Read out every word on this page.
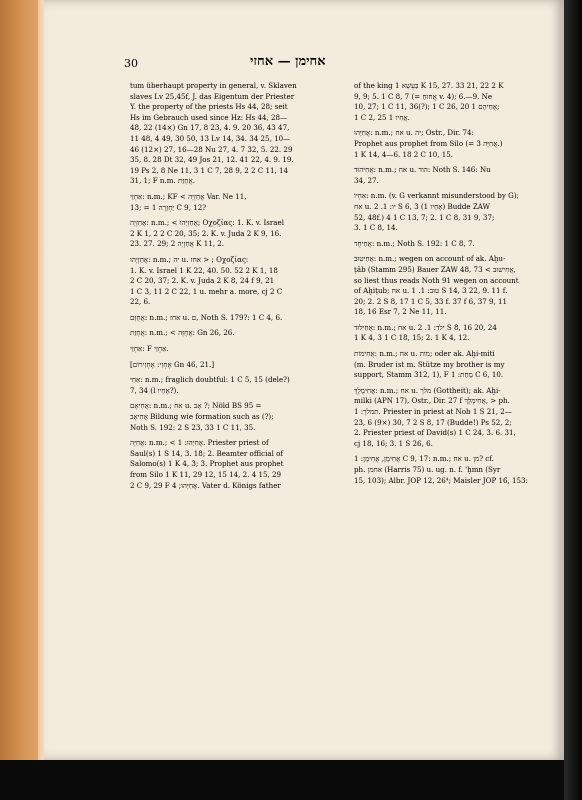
30	אחימן — אחזי
tum überhaupt property in general, v. Sklaven
slaves Lv 25,45f, J. das Eigentum der Priester
Y. the property of the priests Hs 44, 28; seit
Hs im Gebrauch used since Hz: Hs 44, 28—
48, 22 (14×) Gn 17, 8 23, 4. 9. 20 36, 43 47,
11 48, 4 49, 30 50, 13 Lv 14, 34. 34 25, 10—
46 (12×) 27, 16—28 Nu 27, 4. 7 32, 5. 22. 29
35, 8. 28 Dt 32, 49 Jos 21, 12. 41 22, 4. 9. 19.
19 Ps 2, 8 Ne 11, 3 1 C 7, 28 9, 2 2 C 11, 14
31, 1; F n.m. אֲחֻזַּת.
אַחְזַי: n.m.; KF < אֲחַזְיָה Var. Ne 11,
13; = יַחְזֵרָה 1 C 9, 12?
אֲחַזְיָה: n.m.; < אֲחַזְיָהוּ; Οχοζίας: 1. K. v. Israel
2 K 1, 2 2 C 20, 35; 2. K. v. Juda 2 K 9, 16.
23. 27. 29; אֲחַזְיָה 2 K 11, 2.
אֲחַזְיָהוּ: n.m.; יה u. אחז > ; Οχοζίας:
1. K. v. Israel 1 K 22, 40. 50. 52 2 K 1, 18
2 C 20, 37; 2. K. v. Juda 2 K 8, 24 f 9, 21
1 C 3, 11 2 C 22, 1 u. mehr a. more, cj 2 C
22, 6.
אֲחֻזָּם: n.m.; אחז u. ם, Noth S. 179?: 1 C 4, 6.
אֲחֻזַּת: n.m.; < אֲחֻזָּה: Gn 26, 26.
אַחְזַי: F אַחְזַי.
[אֶחְזִי: אֶחְזִירוֹם Gn 46, 21.]
אַחִי: n.m.; fraglich doubtful: 1 C 5, 15 (dele?)
7, 34 (l אֶחָיו?).
אֲחִיאָם: n.m.; אח u. אָב ?; Nöld BS 95 =
אֲחִיאָב Bildung wie formation such as (?);
Noth S. 192: 2 S 23, 33 1 C 11, 35.
אֲחִיָּה: n.m.; < אֲחִיָּהוּ: 1. Priester priest of
Saul(s) 1 S 14, 3. 18; 2. Beamter official of
Salomo(s) 1 K 4, 3; 3. Prophet aus prophet
from Silo 1 K 11, 29 12, 15 14, 2. 4 15, 29
2 C 9, 29 F אֲחִיָּהוּ; 4. Vater d. Königs father
of the king בַּעְשָׁא 1 K 15, 27. 33 21, 22 2 K
9, 9; 5. 1 C 8, 7 (= אֲחוּחַ v. 4); 6.—9. Ne
10, 27; 1 C 11, 36(?); 1 C 26, 20 1 אֲחֵיהֶם;
1 C 2, 25 1 אֲחִיו.
אֲחִיָּהוּ: n.m.; אח u. יה; Ostr., Dir. 74:
Prophet aus prophet from Silo (= אֲחִיָּה 3.)
1 K 14, 4—6. 18 2 C 10, 15.
אֲחִיהוּד: n.m.; אח u. הוד: Noth S. 146: Nu
34, 27.
אַחְיוֹ: n.m. (v. G verkannt misunderstood by G);
אח u. יו: 1. 2 S 6, 3 (1 אֶחָיו) Budde ZAW
52, 48f.) 4 1 C 13, 7; 2. 1 C 8, 31 9, 37;
3. 1 C 8, 14.
אֲחִיחֻד: n.m.; Noth S. 192: 1 C 8, 7.
אֲחִיטוּב: n.m.; wegen on account of ak. Aḫu-
ṭâb (Stamm 295) Bauer ZAW 48, 73 < אֲחִישׁוּב,
so liest thus reads Noth 91 wegen on account
of Aḫiṭub; אח u. טוּב: 1. 1 S 14, 3 22, 9. 11 f.
20; 2. 2 S 8, 17 1 C 5, 33 f. 37 f 6, 37 9, 11
18, 16 Esr 7, 2 Ne 11, 11.
אֲחִילוּד: n.m.; אח u. ילד: 1. 2 S 8, 16 20, 24
1 K 4, 3 1 C 18, 15; 2. 1 K 4, 12.
אֲחִימוֹת: n.m.; אח u. מות; oder ak. Aḫi-miti
(m. Bruder ist m. Stütze my brother is my
support, Stamm 312, 1), F מַחַת: 1 C 6, 10.
אֲחִימֶלֶךְ: n.m.; אח u. מלך (Gottheit); ak. Aḫi-
milki (APN 17), Ostr., Dir. 27 f אֲחִימֶלֶךְ, > ph.
תמלך: 1. Priester in priest at Nob 1 S 21, 2—
23, 6 (9×) 30, 7 2 S 8, 17 (Budde!) Ps 52, 2;
2. Priester priest of David(s) 1 C 24, 3. 6. 31,
cj 18, 16; 3. 1 S 26, 6.
אֲחִימַן, אֲחִימָן: 1 C 9, 17: n.m.; אח u. מן? cf.
ph. אחמן (Harris 75) u. ug. n. f. 'ḫmn (Syr
15, 103); Albr. JOP 12, 26⁴; Maisler JOP 16, 153:
